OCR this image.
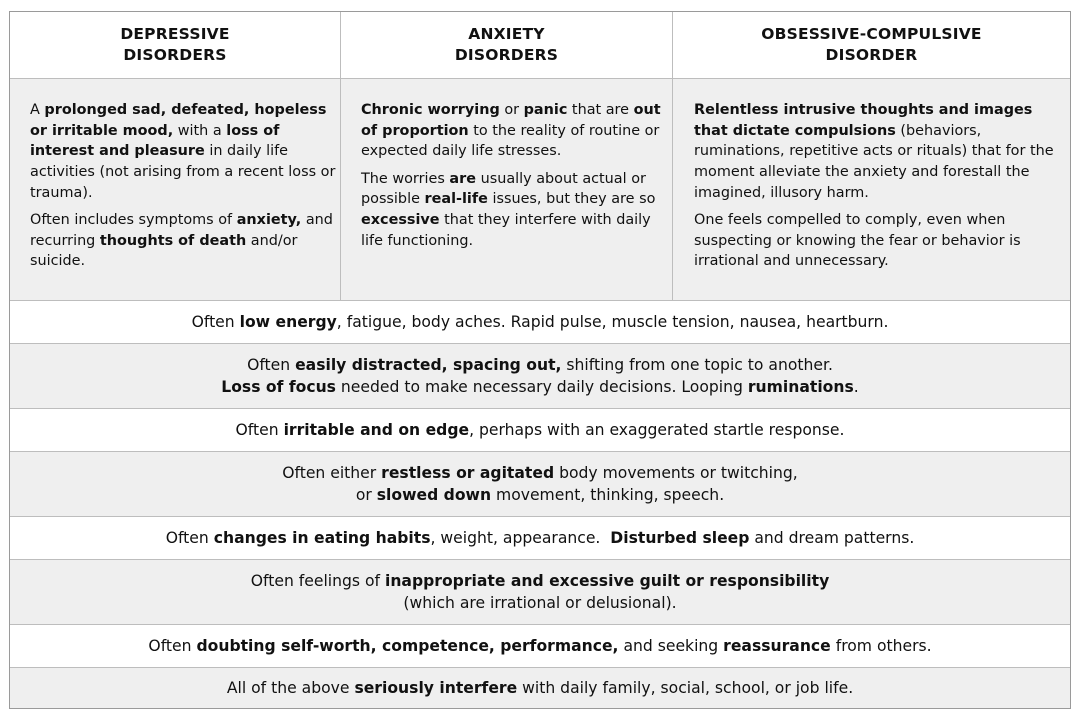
DEPRESSIVE
DISORDERS
ANXIETY
DISORDERS
OBSESSIVE-COMPULSIVE
DISORDER

A prolonged sad, defeated, hopeless or irritable mood, with a loss of interest and pleasure in daily life activities (not arising from a recent loss or trauma).

Often includes symptoms of anxiety, and recurring thoughts of death and/or suicide.

Chronic worrying or panic that are out of proportion to the reality of routine or expected daily life stresses.

The worries are usually about actual or possible real-life issues, but they are so excessive that they interfere with daily life functioning.

Relentless intrusive thoughts and images that dictate compulsions (behaviors, ruminations, repetitive acts or rituals) that for the moment alleviate the anxiety and forestall the imagined, illusory harm.

One feels compelled to comply, even when suspecting or knowing the fear or behavior is irrational and unnecessary.

Often low energy, fatigue, body aches. Rapid pulse, muscle tension, nausea, heartburn.
Often easily distracted, spacing out, shifting from one topic to another.
Loss of focus needed to make necessary daily decisions. Looping ruminations.
Often irritable and on edge, perhaps with an exaggerated startle response.
Often either restless or agitated body movements or twitching,
or slowed down movement, thinking, speech.
Often changes in eating habits, weight, appearance.  Disturbed sleep and dream patterns.
Often feelings of inappropriate and excessive guilt or responsibility
(which are irrational or delusional).
Often doubting self-worth, competence, performance, and seeking reassurance from others.
All of the above seriously interfere with daily family, social, school, or job life.
